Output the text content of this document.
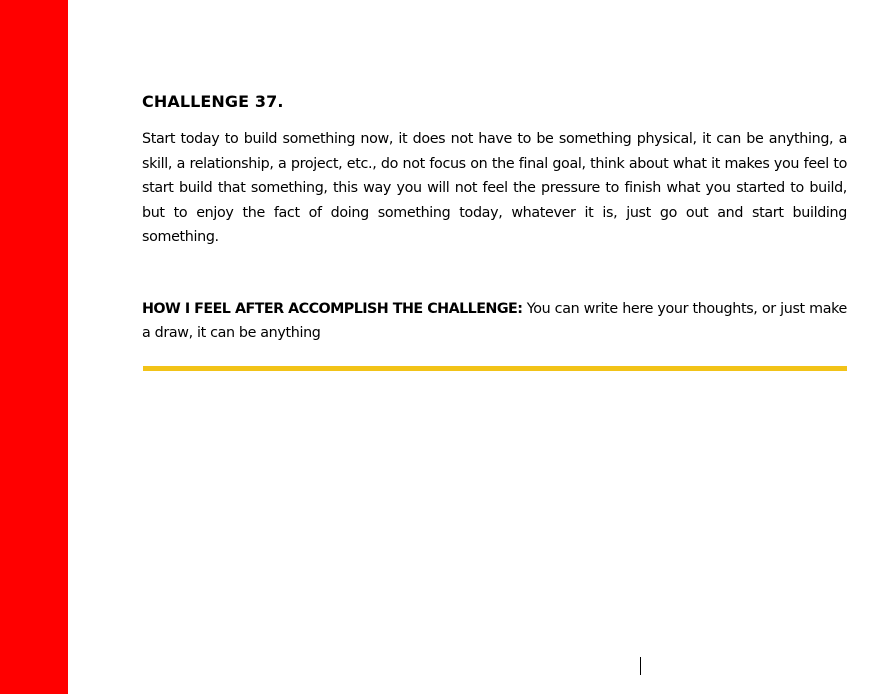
CHALLENGE 37.

Start today to build something now, it does not have to be something physical, it can be anything, a skill, a relationship, a project, etc., do not focus on the final goal, think about what it makes you feel to start build that something, this way you will not feel the pressure to finish what you started to build, but to enjoy the fact of doing something today, whatever it is, just go out and start building something.

HOW I FEEL AFTER ACCOMPLISH THE CHALLENGE: You can write here your thoughts, or just make a draw, it can be anything
